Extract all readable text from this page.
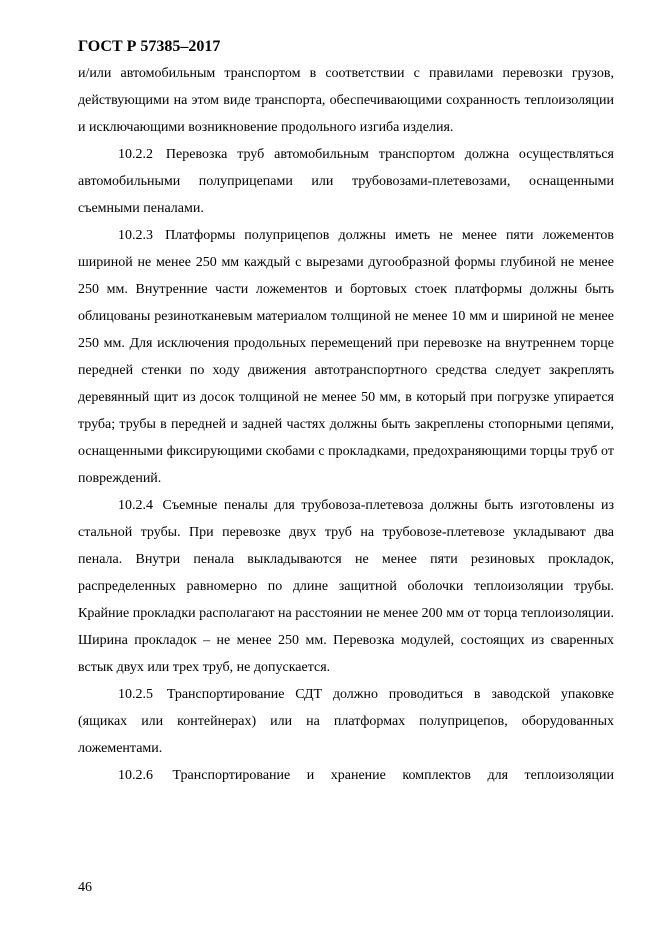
ГОСТ Р 57385–2017

и/или автомобильным транспортом в соответствии с правилами перевозки грузов, действующими на этом виде транспорта, обеспечивающими сохранность теплоизоляции и исключающими возникновение продольного изгиба изделия.

10.2.2 Перевозка труб автомобильным транспортом должна осуществляться автомобильными полуприцепами или трубовозами-плетевозами, оснащенными съемными пеналами.

10.2.3 Платформы полуприцепов должны иметь не менее пяти ложементов шириной не менее 250 мм каждый с вырезами дугообразной формы глубиной не менее 250 мм. Внутренние части ложементов и бортовых стоек платформы должны быть облицованы резинотканевым материалом толщиной не менее 10 мм и шириной не менее 250 мм. Для исключения продольных перемещений при перевозке на внутреннем торце передней стенки по ходу движения автотранспортного средства следует закреплять деревянный щит из досок толщиной не менее 50 мм, в который при погрузке упирается труба; трубы в передней и задней частях должны быть закреплены стопорными цепями, оснащенными фиксирующими скобами с прокладками, предохраняющими торцы труб от повреждений.

10.2.4 Съемные пеналы для трубовоза-плетевоза должны быть изготовлены из стальной трубы. При перевозке двух труб на трубовозе-плетевозе укладывают два пенала. Внутри пенала выкладываются не менее пяти резиновых прокладок, распределенных равномерно по длине защитной оболочки теплоизоляции трубы. Крайние прокладки располагают на расстоянии не менее 200 мм от торца теплоизоляции. Ширина прокладок – не менее 250 мм. Перевозка модулей, состоящих из сваренных встык двух или трех труб, не допускается.

10.2.5 Транспортирование СДТ должно проводиться в заводской упаковке (ящиках или контейнерах) или на платформах полуприцепов, оборудованных ложементами.

10.2.6 Транспортирование и хранение комплектов для теплоизоляции

46
